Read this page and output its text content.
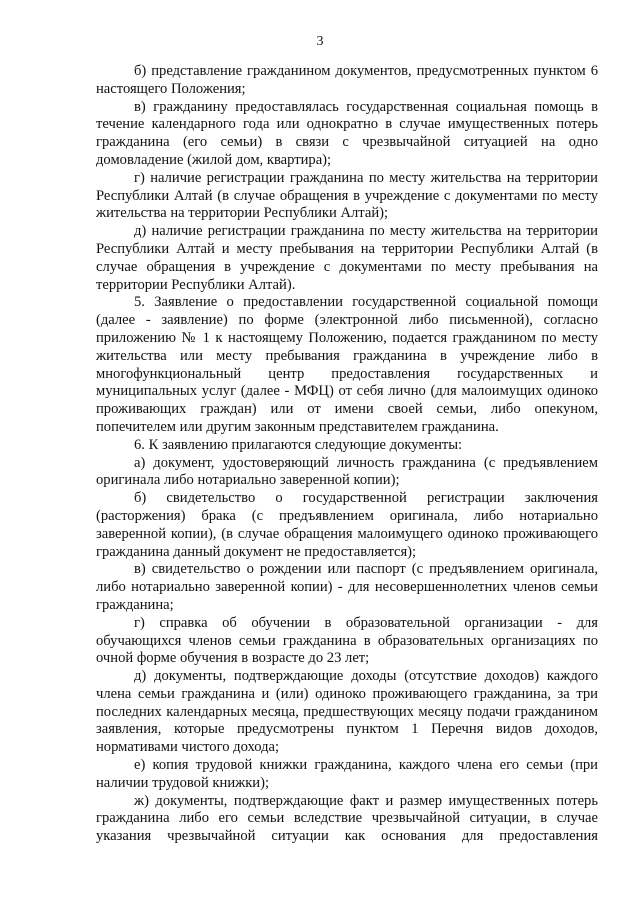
3

б) представление гражданином документов, предусмотренных пунктом 6 настоящего Положения;

в) гражданину предоставлялась государственная социальная помощь в течение календарного года или однократно в случае имущественных потерь гражданина (его семьи) в связи с чрезвычайной ситуацией на одно домовладение (жилой дом, квартира);

г) наличие регистрации гражданина по месту жительства на территории Республики Алтай (в случае обращения в учреждение с документами по месту жительства на территории Республики Алтай);

д) наличие регистрации гражданина по месту жительства на территории Республики Алтай и месту пребывания на территории Республики Алтай (в случае обращения в учреждение с документами по месту пребывания на территории Республики Алтай).

5. Заявление о предоставлении государственной социальной помощи (далее - заявление) по форме (электронной либо письменной), согласно приложению № 1 к настоящему Положению, подается гражданином по месту жительства или месту пребывания гражданина в учреждение либо в многофункциональный центр предоставления государственных и муниципальных услуг (далее - МФЦ) от себя лично (для малоимущих одиноко проживающих граждан) или от имени своей семьи, либо опекуном, попечителем или другим законным представителем гражданина.

6. К заявлению прилагаются следующие документы:

а) документ, удостоверяющий личность гражданина (с предъявлением оригинала либо нотариально заверенной копии);

б) свидетельство о государственной регистрации заключения (расторжения) брака (с предъявлением оригинала, либо нотариально заверенной копии), (в случае обращения малоимущего одиноко проживающего гражданина данный документ не предоставляется);

в) свидетельство о рождении или паспорт (с предъявлением оригинала, либо нотариально заверенной копии) - для несовершеннолетних членов семьи гражданина;

г) справка об обучении в образовательной организации - для обучающихся членов семьи гражданина в образовательных организациях по очной форме обучения в возрасте до 23 лет;

д) документы, подтверждающие доходы (отсутствие доходов) каждого члена семьи гражданина и (или) одиноко проживающего гражданина, за три последних календарных месяца, предшествующих месяцу подачи гражданином заявления, которые предусмотрены пунктом 1 Перечня видов доходов, нормативами чистого дохода;

е) копия трудовой книжки гражданина, каждого члена его семьи (при наличии трудовой книжки);

ж) документы, подтверждающие факт и размер имущественных потерь гражданина либо его семьи вследствие чрезвычайной ситуации, в случае указания чрезвычайной ситуации как основания для предоставления
